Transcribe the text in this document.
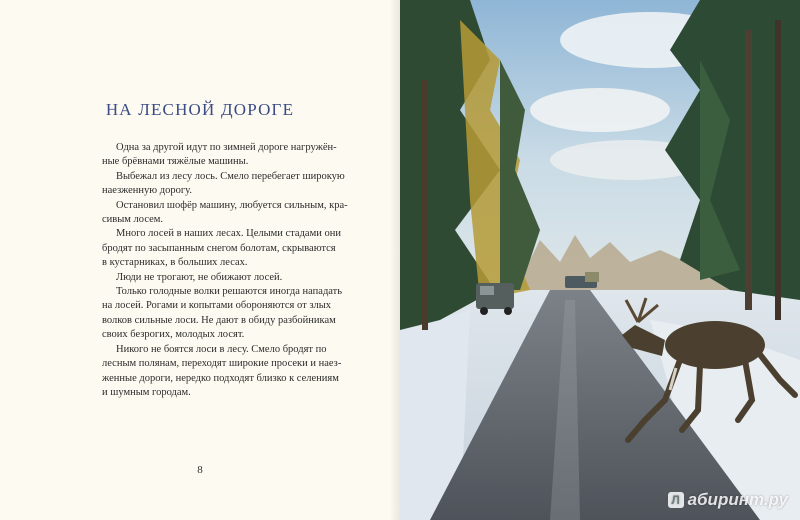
НА ЛЕСНОЙ ДОРОГЕ

Одна за другой идут по зимней дороге нагружён-

ные брёвнами тяжёлые машины.

Выбежал из лесу лось. Смело перебегает широкую

наезженную дорогу.

Остановил шофёр машину, любуется сильным, кра-

сивым лосем.

Много лосей в наших лесах. Целыми стадами они

бродят по засыпанным снегом болотам, скрываются

в кустарниках, в больших лесах.

Люди не трогают, не обижают лосей.

Только голодные волки решаются иногда нападать

на лосей. Рогами и копытами обороняются от злых

волков сильные лоси. Не дают в обиду разбойникам

своих безрогих, молодых лосят.

Никого не боятся лоси в лесу. Смело бродят по

лесным полянам, переходят широкие просеки и наез-

женные дороги, нередко подходят близко к селениям

и шумным городам.

8
Л абиринт.ру
